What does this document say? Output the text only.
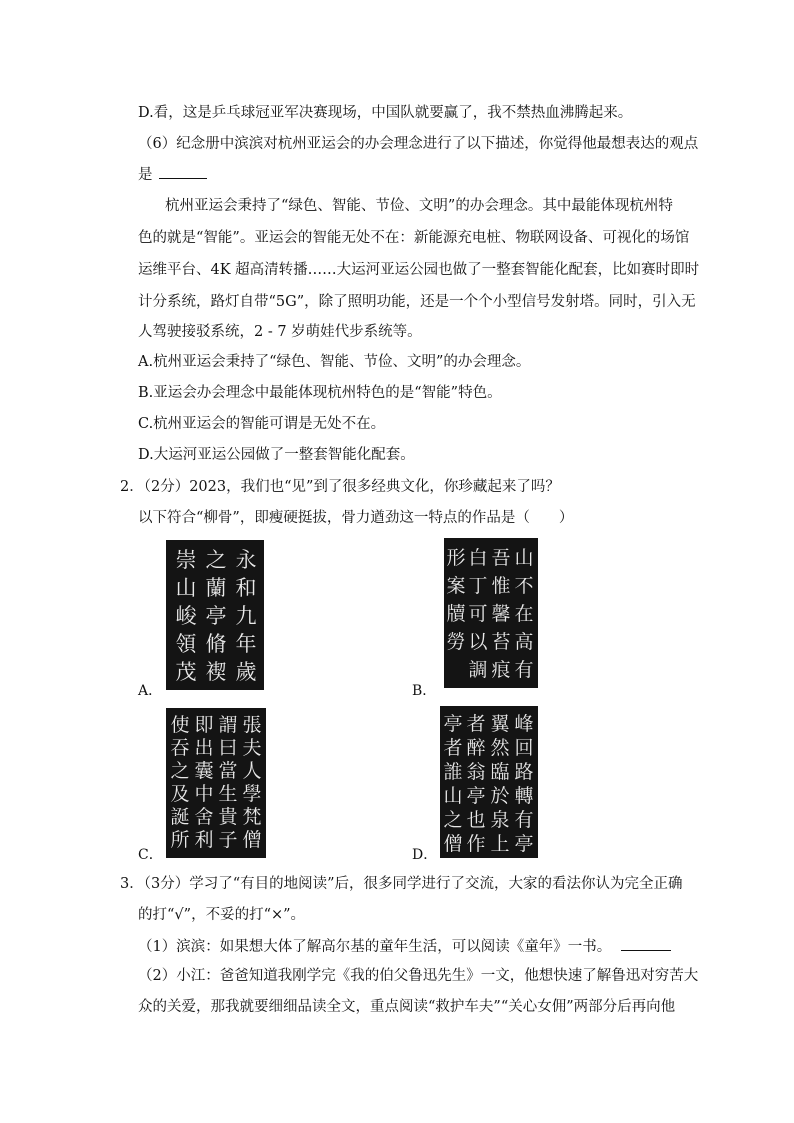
D.看，这是乒乓球冠亚军决赛现场，中国队就要赢了，我不禁热血沸腾起来。
（6）纪念册中滨滨对杭州亚运会的办会理念进行了以下描述，你觉得他最想表达的观点
是
杭州亚运会秉持了“绿色、智能、节俭、文明”的办会理念。其中最能体现杭州特
色的就是“智能”。亚运会的智能无处不在：新能源充电桩、物联网设备、可视化的场馆
运维平台、4K 超高清转播……大运河亚运公园也做了一整套智能化配套，比如赛时即时
计分系统，路灯自带“5G”，除了照明功能，还是一个个小型信号发射塔。同时，引入无
人驾驶接驳系统，2 - 7 岁萌娃代步系统等。
A.杭州亚运会秉持了“绿色、智能、节俭、文明”的办会理念。
B.亚运会办会理念中最能体现杭州特色的是“智能”特色。
C.杭州亚运会的智能可谓是无处不在。
D.大运河亚运公园做了一整套智能化配套。
2．（2分）2023，我们也“见”到了很多经典文化，你珍藏起来了吗？
以下符合“柳骨”，即瘦硬挺拔，骨力遒劲这一特点的作品是（　　）
永
和
九
年
歲
之
蘭
亭
脩
褉
崇
山
峻
領
茂
A．
山
不
在
高
有
吾
惟
馨
苔
痕
白
丁
可
以
調
形
案
牘
勞
B．
張
夫
人
學
梵
僧
謂
曰
當
生
貴
子
即
出
囊
中
舍
利
使
吞
之
及
誕
所
C．
峰
回
路
轉
有
亭
翼
然
臨
於
泉
上
者
醉
翁
亭
也
作
亭
者
誰
山
之
僧
D．
3．（3分）学习了“有目的地阅读”后，很多同学进行了交流，大家的看法你认为完全正确
的打“√”，不妥的打“×”。
（1）滨滨：如果想大体了解高尔基的童年生活，可以阅读《童年》一书。
（2）小江：爸爸知道我刚学完《我的伯父鲁迅先生》一文，他想快速了解鲁迅对穷苦大
众的关爱，那我就要细细品读全文，重点阅读“救护车夫”“关心女佣”两部分后再向他
